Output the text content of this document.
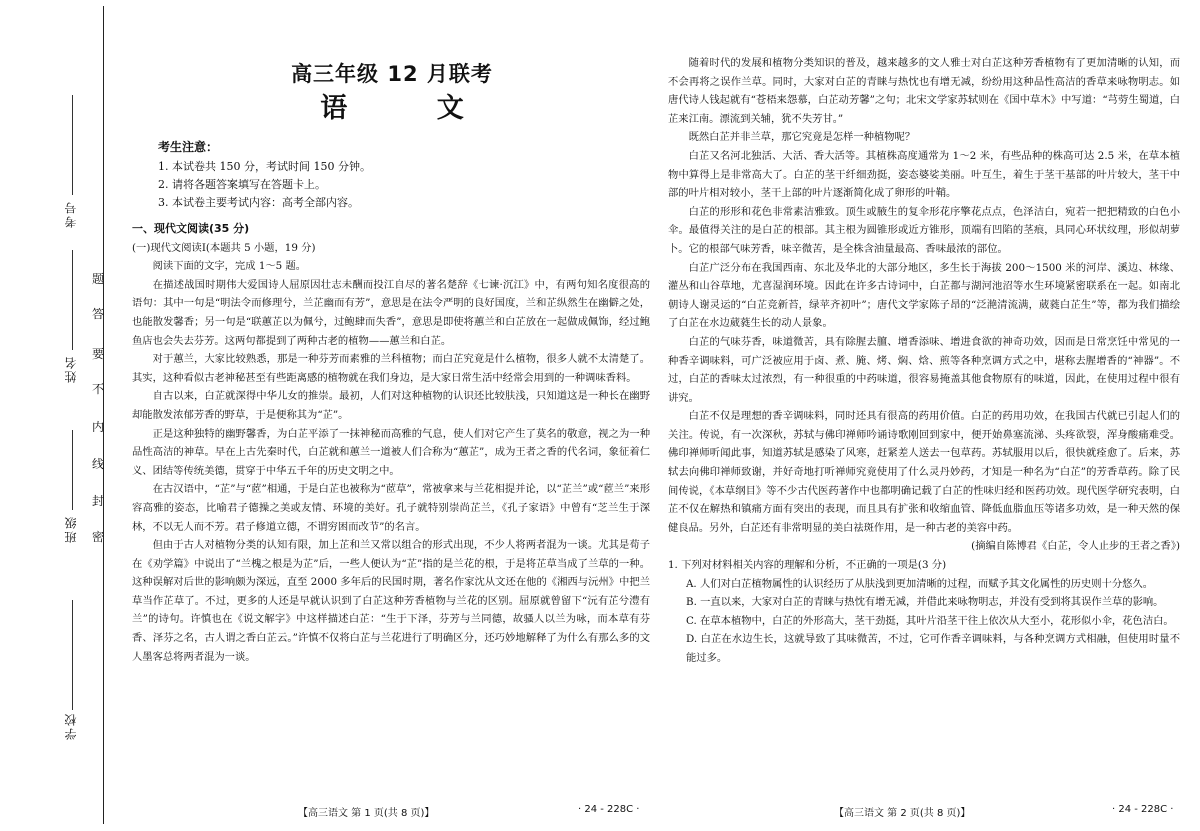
考号
姓名
班级
学校
题
答
要
不
内
线
封
密
高三年级 12 月联考
语 文
考生注意：
1. 本试卷共 150 分，考试时间 150 分钟。
2. 请将各题答案填写在答题卡上。
3. 本试卷主要考试内容：高考全部内容。

一、现代文阅读(35 分)

(一)现代文阅读Ⅰ(本题共 5 小题，19 分)

阅读下面的文字，完成 1～5 题。

在描述战国时期伟大爱国诗人屈原因壮志未酬而投江自尽的著名楚辞《七谏·沉江》中，有两句知名度很高的语句：其中一句是“明法令而修理兮，兰芷幽而有芳”，意思是在法令严明的良好国度，兰和芷纵然生在幽僻之处，也能散发馨香；另一句是“联蕙芷以为佩兮，过鲍肆而失香”，意思是即使将蕙兰和白芷放在一起做成佩饰，经过鲍鱼店也会失去芬芳。这两句都提到了两种古老的植物——蕙兰和白芷。

对于蕙兰，大家比较熟悉，那是一种芬芳而素雅的兰科植物；而白芷究竟是什么植物，很多人就不太清楚了。其实，这种看似古老神秘甚至有些距离感的植物就在我们身边，是大家日常生活中经常会用到的一种调味香料。

自古以来，白芷就深得中华儿女的推崇。最初，人们对这种植物的认识还比较肤浅，只知道这是一种长在幽野却能散发浓郁芳香的野草，于是便称其为“芷”。

正是这种独特的幽野馨香，为白芷平添了一抹神秘而高雅的气息，使人们对它产生了莫名的敬意，视之为一种品性高洁的神草。早在上古先秦时代，白芷就和蕙兰一道被人们合称为“蕙芷”，成为王者之香的代名词，象征着仁义、团结等传统美德，贯穿于中华五千年的历史文明之中。

在古汉语中，“芷”与“茝”相通，于是白芷也被称为“茝草”，常被拿来与兰花相提并论，以“芷兰”或“茝兰”来形容高雅的姿态，比喻君子德操之美或友情、环境的美好。孔子就特别崇尚芷兰，《孔子家语》中曾有“芝兰生于深林，不以无人而不芳。君子修道立德，不谓穷困而改节”的名言。

但由于古人对植物分类的认知有限，加上芷和兰又常以组合的形式出现，不少人将两者混为一谈。尤其是荀子在《劝学篇》中说出了“兰槐之根是为芷”后，一些人便认为“芷”指的是兰花的根，于是将芷草当成了兰草的一种。这种误解对后世的影响颇为深远，直至 2000 多年后的民国时期，著名作家沈从文还在他的《湘西与沅州》中把兰草当作芷草了。不过，更多的人还是早就认识到了白芷这种芳香植物与兰花的区别。屈原就曾留下“沅有芷兮澧有兰”的诗句。许慎也在《说文解字》中这样描述白芷：“生于下泽，芬芳与兰同德，故骚人以兰为咏，而本草有芬香、泽芬之名，古人谓之香白芷云。”许慎不仅将白芷与兰花进行了明确区分，还巧妙地解释了为什么有那么多的文人墨客总将两者混为一谈。

【高三语文 第 1 页(共 8 页)】	· 24 - 228C ·

随着时代的发展和植物分类知识的普及，越来越多的文人雅士对白芷这种芳香植物有了更加清晰的认知，而不会再将之误作兰草。同时，大家对白芷的青睐与热忱也有增无减，纷纷用这种品性高洁的香草来咏物明志。如唐代诗人钱起就有“苍梧来怨慕，白芷动芳馨”之句；北宋文学家苏轼则在《国中草木》中写道：“芎䓖生蜀道，白芷来江南。漂流到关辅，犹不失芳甘。”

既然白芷并非兰草，那它究竟是怎样一种植物呢？

白芷又名河北独活、大活、香大活等。其植株高度通常为 1～2 米，有些品种的株高可达 2.5 米，在草本植物中算得上是非常高大了。白芷的茎干纤细劲挺，姿态婆娑美丽。叶互生，着生于茎干基部的叶片较大，茎干中部的叶片相对较小，茎干上部的叶片逐渐简化成了卵形的叶鞘。

白芷的形形和花色非常素洁雅致。顶生或腋生的复伞形花序擎花点点，色泽洁白，宛若一把把精致的白色小伞。最值得关注的是白芷的根部。其主根为圆锥形或近方锥形，顶端有凹陷的茎痕，具同心环状纹理，形似胡萝卜。它的根部气味芳香，味辛微苦，是全株含油量最高、香味最浓的部位。

白芷广泛分布在我国西南、东北及华北的大部分地区，多生长于海拔 200～1500 米的河岸、溪边、林缘、灌丛和山谷草地，尤喜湿润环境。因此在许多古诗词中，白芷都与湖河池沼等水生环境紧密联系在一起。如南北朝诗人谢灵运的“白芷竞新苔，绿苹齐初叶”；唐代文学家陈子昂的“泛滟清流满，葳蕤白芷生”等，都为我们描绘了白芷在水边葳蕤生长的动人景象。

白芷的气味芬香，味道微苦，具有除腥去膻、增香添味、增进食欲的神奇功效，因而是日常烹饪中常见的一种香辛调味料，可广泛被应用于卤、煮、腌、烤、焖、焓、煎等各种烹调方式之中，堪称去腥增香的“神器”。不过，白芷的香味太过浓烈，有一种很重的中药味道，很容易掩盖其他食物原有的味道，因此，在使用过程中很有讲究。

白芷不仅是理想的香辛调味料，同时还具有很高的药用价值。白芷的药用功效，在我国古代就已引起人们的关注。传说，有一次深秋，苏轼与佛印禅师吟诵诗歌刚回到家中，便开始鼻塞流涕、头疼欲裂，浑身酸痛难受。佛印禅师听闻此事，知道苏轼是感染了风寒，赶紧差人送去一包草药。苏轼服用以后，很快就痊愈了。后来，苏轼去向佛印禅师致谢，并好奇地打听禅师究竟使用了什么灵丹妙药，才知是一种名为“白芷”的芳香草药。除了民间传说，《本草纲目》等不少古代医药著作中也都明确记载了白芷的性味归经和医药功效。现代医学研究表明，白芷不仅在解热和镇痛方面有突出的表现，而且具有扩张和收缩血管、降低血脂血压等诸多功效，是一种天然的保健良品。另外，白芷还有非常明显的美白祛斑作用，是一种古老的美容中药。

(摘编自陈博君《白芷，令人止步的王者之香》)

1. 下列对材料相关内容的理解和分析，不正确的一项是(3 分)

A. 人们对白芷植物属性的认识经历了从肤浅到更加清晰的过程，而赋予其文化属性的历史则十分悠久。

B. 一直以来，大家对白芷的青睐与热忱有增无减，并借此来咏物明志，并没有受到将其误作兰草的影响。

C. 在草本植物中，白芷的外形高大，茎干劲挺，其叶片沿茎干往上依次从大至小，花形似小伞，花色洁白。

D. 白芷在水边生长，这就导致了其味微苦，不过，它可作香辛调味料，与各种烹调方式相融，但使用时量不能过多。

【高三语文 第 2 页(共 8 页)】	· 24 - 228C ·
